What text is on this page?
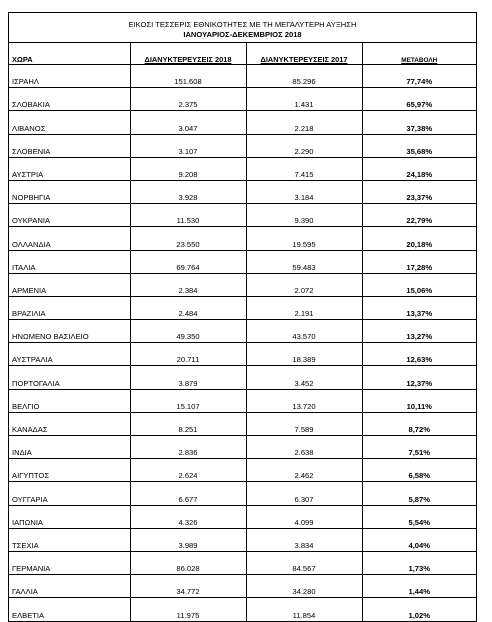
ΕΙΚΟΣΙ ΤΕΣΣΕΡΙΣ ΕΘΝΙΚΟΤΗΤΕΣ ΜΕ ΤΗ ΜΕΓΑΛΥΤΕΡΗ ΑΥΞΗΣΗ
ΙΑΝΟΥΑΡΙΟΣ-ΔΕΚΕΜΒΡΙΟΣ 2018
ΧΩΡΑ	ΔΙΑΝΥΚΤΕΡΕΥΣΕΙΣ 2018	ΔΙΑΝΥΚΤΕΡΕΥΣΕΙΣ 2017	ΜΕΤΑΒΟΛΗ
ΙΣΡΑΗΛ	151.608	85.296	77,74%
ΣΛΟΒΑΚΙΑ	2.375	1.431	65,97%
ΛΙΒΑΝΟΣ	3.047	2.218	37,38%
ΣΛΟΒΕΝΙΑ	3.107	2.290	35,68%
ΑΥΣΤΡΙΑ	9.208	7.415	24,18%
ΝΟΡΒΗΓΙΑ	3.928	3.184	23,37%
ΟΥΚΡΑΝΙΑ	11.530	9.390	22,79%
ΟΛΛΑΝΔΙΑ	23.550	19.595	20,18%
ΙΤΑΛΙΑ	69.764	59.483	17,28%
ΑΡΜΕΝΙΑ	2.384	2.072	15,06%
ΒΡΑΖΙΛΙΑ	2.484	2.191	13,37%
ΗΝΩΜΕΝΟ ΒΑΣΙΛΕΙΟ	49.350	43.570	13,27%
ΑΥΣΤΡΑΛΙΑ	20.711	18.389	12,63%
ΠΟΡΤΟΓΑΛΙΑ	3.879	3.452	12,37%
ΒΕΛΓΙΟ	15.107	13.720	10,11%
ΚΑΝΑΔΑΣ	8.251	7.589	8,72%
ΙΝΔΙΑ	2.836	2.638	7,51%
ΑΙΓΥΠΤΟΣ	2.624	2.462	6,58%
ΟΥΓΓΑΡΙΑ	6.677	6.307	5,87%
ΙΑΠΩΝΙΑ	4.326	4.099	5,54%
ΤΣΕΧΙΑ	3.989	3.834	4,04%
ΓΕΡΜΑΝΙΑ	86.028	84.567	1,73%
ΓΑΛΛΙΑ	34.772	34.280	1,44%
ΕΛΒΕΤΙΑ	11.975	11.854	1,02%
